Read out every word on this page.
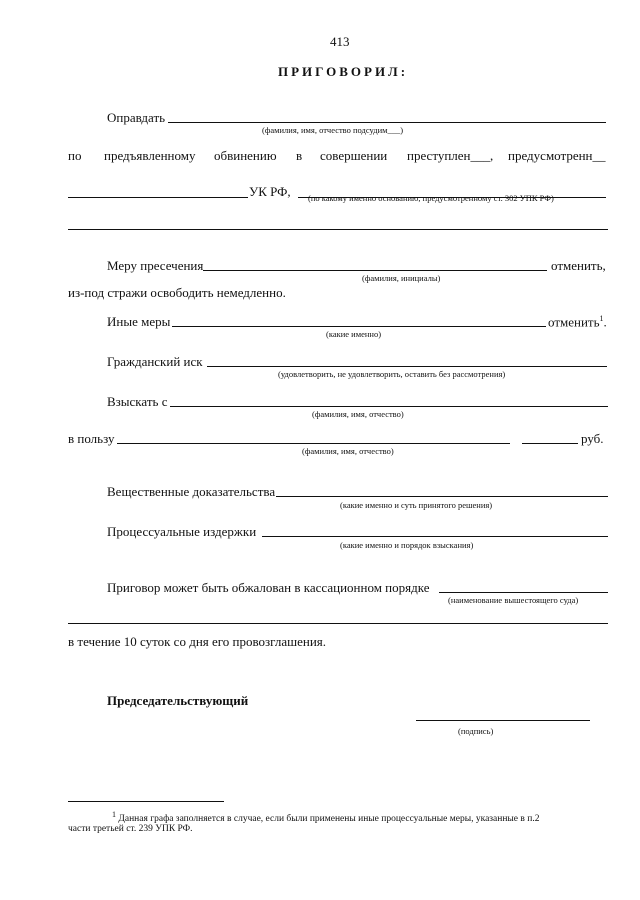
413
ПРИГОВОРИЛ:
Оправдать
(фамилия, имя, отчество подсудим___)
по предъявленному обвинению в совершении преступлен___, предусмотренн__
УК РФ, (по какому именно основанию, предусмотренному ст. 302 УПК РФ)
Меру пресечения	отменить,
(фамилия, инициалы)
из-под стражи освободить немедленно.
Иные меры	отменить$^1$.
(какие именно)
Гражданский иск
(удовлетворить, не удовлетворить, оставить без рассмотрения)
Взыскать с
(фамилия, имя, отчество)
в пользу	руб.
(фамилия, имя, отчество)
Вещественные доказательства
(какие именно и суть принятого решения)
Процессуальные издержки
(какие именно и порядок взыскания)
Приговор может быть обжалован в кассационном порядке
(наименование вышестоящего суда)
в течение 10 суток со дня его провозглашения.
Председательствующий
(подпись)
$^1$ Данная графа заполняется в случае, если были применены иные процессуальные меры, указанные в п.2
части третьей ст. 239 УПК РФ.
